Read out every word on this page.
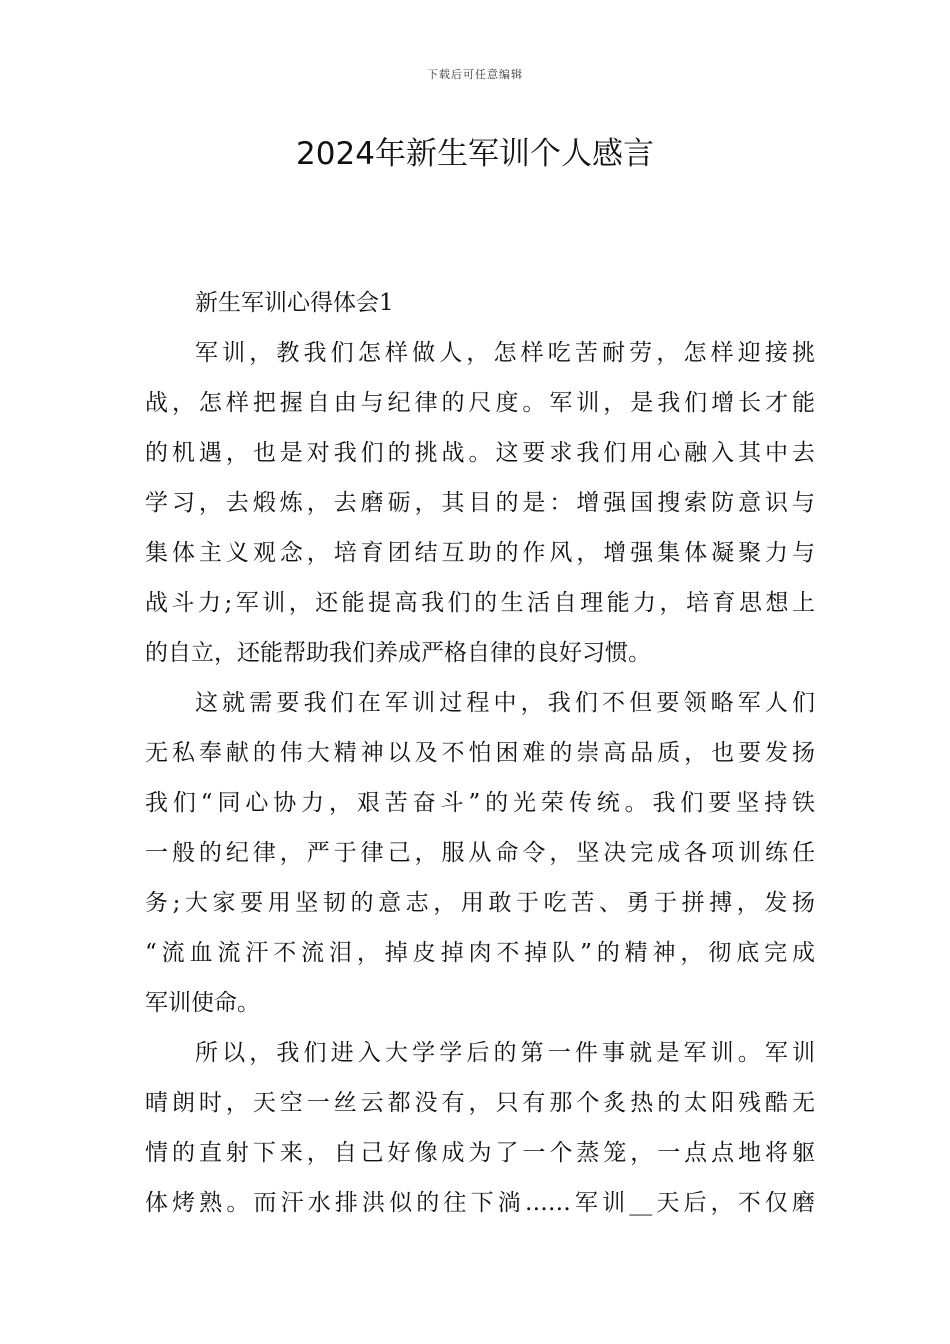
下载后可任意编辑
2024年新生军训个人感言

新生军训心得体会1

军训，教我们怎样做人，怎样吃苦耐劳，怎样迎接挑
战，怎样把握自由与纪律的尺度。军训，是我们增长才能
的机遇，也是对我们的挑战。这要求我们用心融入其中去
学习，去煅炼，去磨砺，其目的是：增强国搜索防意识与
集体主义观念，培育团结互助的作风，增强集体凝聚力与
战斗力;军训，还能提高我们的生活自理能力，培育思想上
的自立，还能帮助我们养成严格自律的良好习惯。

这就需要我们在军训过程中，我们不但要领略军人们
无私奉献的伟大精神以及不怕困难的崇高品质，也要发扬
我们“同心协力，艰苦奋斗”的光荣传统。我们要坚持铁
一般的纪律，严于律己，服从命令，坚决完成各项训练任
务;大家要用坚韧的意志，用敢于吃苦、勇于拼搏，发扬
“流血流汗不流泪，掉皮掉肉不掉队”的精神，彻底完成
军训使命。

所以，我们进入大学学后的第一件事就是军训。军训
晴朗时，天空一丝云都没有，只有那个炙热的太阳残酷无
情的直射下来，自己好像成为了一个蒸笼，一点点地将躯
体烤熟。而汗水排洪似的往下淌……军训__天后，不仅磨
